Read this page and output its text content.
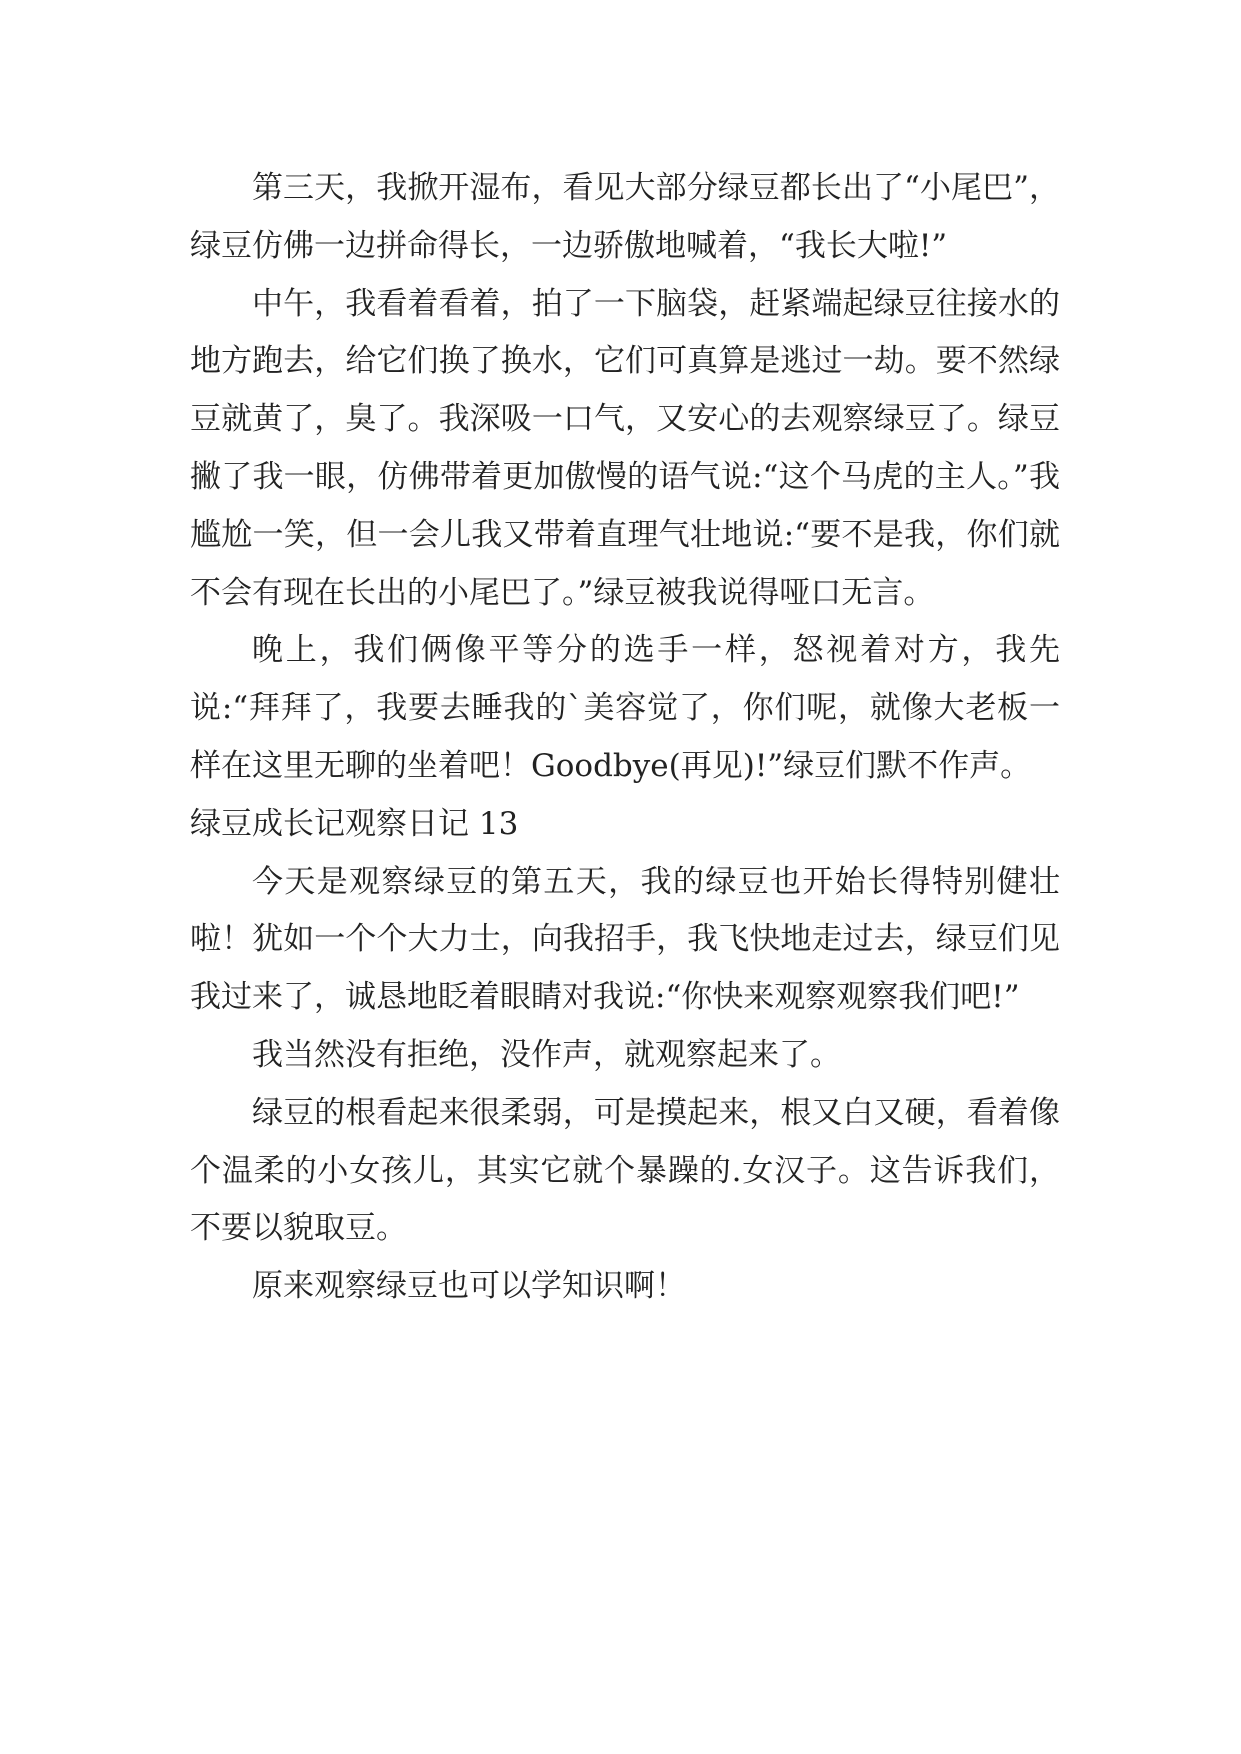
第三天，我掀开湿布，看见大部分绿豆都长出了“小尾巴”，绿豆仿佛一边拼命得长，一边骄傲地喊着，“我长大啦!”

中午，我看着看着，拍了一下脑袋，赶紧端起绿豆往接水的地方跑去，给它们换了换水，它们可真算是逃过一劫。要不然绿豆就黄了，臭了。我深吸一口气，又安心的去观察绿豆了。绿豆撇了我一眼，仿佛带着更加傲慢的语气说:“这个马虎的主人。”我尴尬一笑，但一会儿我又带着直理气壮地说:“要不是我，你们就不会有现在长出的小尾巴了。”绿豆被我说得哑口无言。

晚上，我们俩像平等分的选手一样，怒视着对方，我先说:“拜拜了，我要去睡我的`美容觉了，你们呢，就像大老板一样在这里无聊的坐着吧！Goodbye(再见)!”绿豆们默不作声。

绿豆成长记观察日记 13

今天是观察绿豆的第五天，我的绿豆也开始长得特别健壮啦！犹如一个个大力士，向我招手，我飞快地走过去，绿豆们见我过来了，诚恳地眨着眼睛对我说:“你快来观察观察我们吧!”

我当然没有拒绝，没作声，就观察起来了。

绿豆的根看起来很柔弱，可是摸起来，根又白又硬，看着像个温柔的小女孩儿，其实它就个暴躁的.女汉子。这告诉我们，不要以貌取豆。

原来观察绿豆也可以学知识啊！
